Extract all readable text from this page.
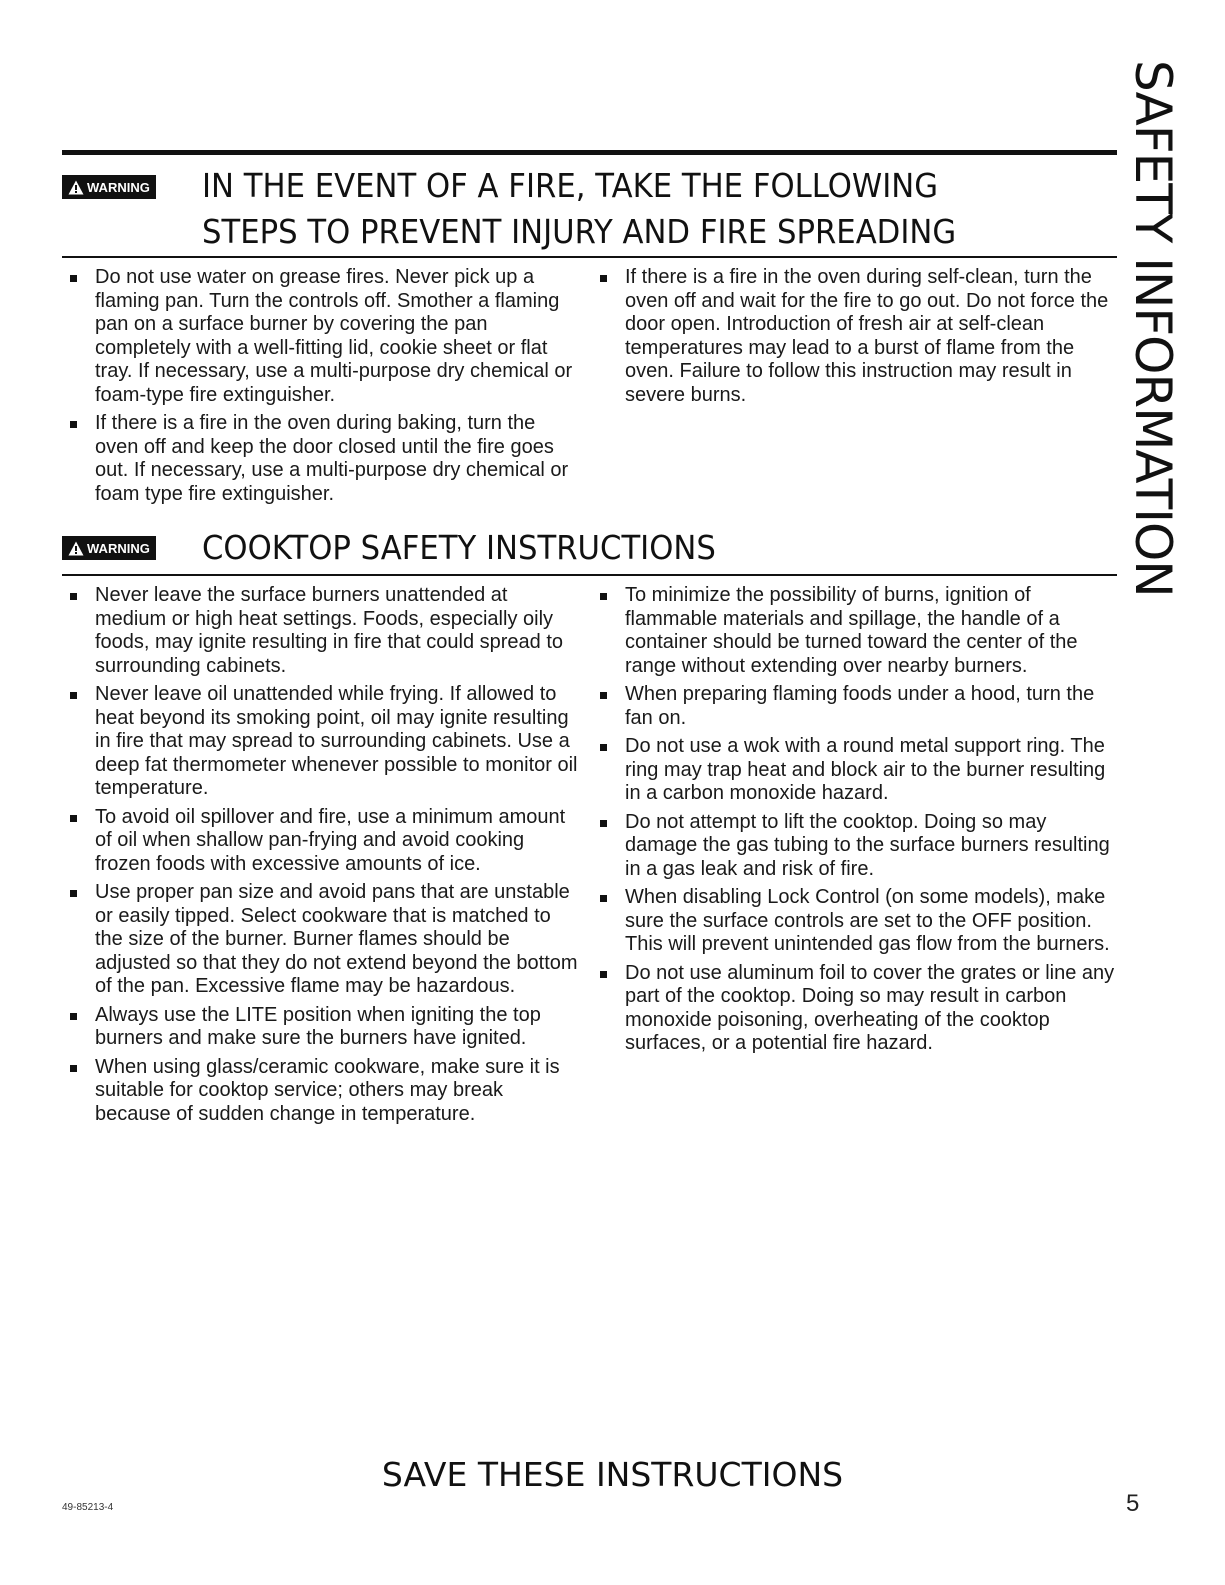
SAFETY INFORMATION
WARNING IN THE EVENT OF A FIRE, TAKE THE FOLLOWING
STEPS TO PREVENT INJURY AND FIRE SPREADING
Do not use water on grease fires. Never pick up a flaming pan. Turn the controls off. Smother a flaming pan on a surface burner by covering the pan completely with a well-fitting lid, cookie sheet or flat tray. If necessary, use a multi-purpose dry chemical or foam-type fire extinguisher.
If there is a fire in the oven during baking, turn the oven off and keep the door closed until the fire goes out. If necessary, use a multi-purpose dry chemical or foam type fire extinguisher.
If there is a fire in the oven during self-clean, turn the oven off and wait for the fire to go out. Do not force the door open. Introduction of fresh air at self-clean temperatures may lead to a burst of flame from the oven. Failure to follow this instruction may result in severe burns.
WARNING COOKTOP SAFETY INSTRUCTIONS
Never leave the surface burners unattended at medium or high heat settings. Foods, especially oily foods, may ignite resulting in fire that could spread to surrounding cabinets.
Never leave oil unattended while frying. If allowed to heat beyond its smoking point, oil may ignite resulting in fire that may spread to surrounding cabinets. Use a deep fat thermometer whenever possible to monitor oil temperature.
To avoid oil spillover and fire, use a minimum amount of oil when shallow pan-frying and avoid cooking frozen foods with excessive amounts of ice.
Use proper pan size and avoid pans that are unstable or easily tipped. Select cookware that is matched to the size of the burner. Burner flames should be adjusted so that they do not extend beyond the bottom of the pan. Excessive flame may be hazardous.
Always use the LITE position when igniting the top burners and make sure the burners have ignited.
When using glass/ceramic cookware, make sure it is suitable for cooktop service; others may break because of sudden change in temperature.
To minimize the possibility of burns, ignition of flammable materials and spillage, the handle of a container should be turned toward the center of the range without extending over nearby burners.
When preparing flaming foods under a hood, turn the fan on.
Do not use a wok with a round metal support ring. The ring may trap heat and block air to the burner resulting in a carbon monoxide hazard.
Do not attempt to lift the cooktop. Doing so may damage the gas tubing to the surface burners resulting in a gas leak and risk of fire.
When disabling Lock Control (on some models), make sure the surface controls are set to the OFF position. This will prevent unintended gas flow from the burners.
Do not use aluminum foil to cover the grates or line any part of the cooktop. Doing so may result in carbon monoxide poisoning, overheating of the cooktop surfaces, or a potential fire hazard.
SAVE THESE INSTRUCTIONS
49-85213-4	5
